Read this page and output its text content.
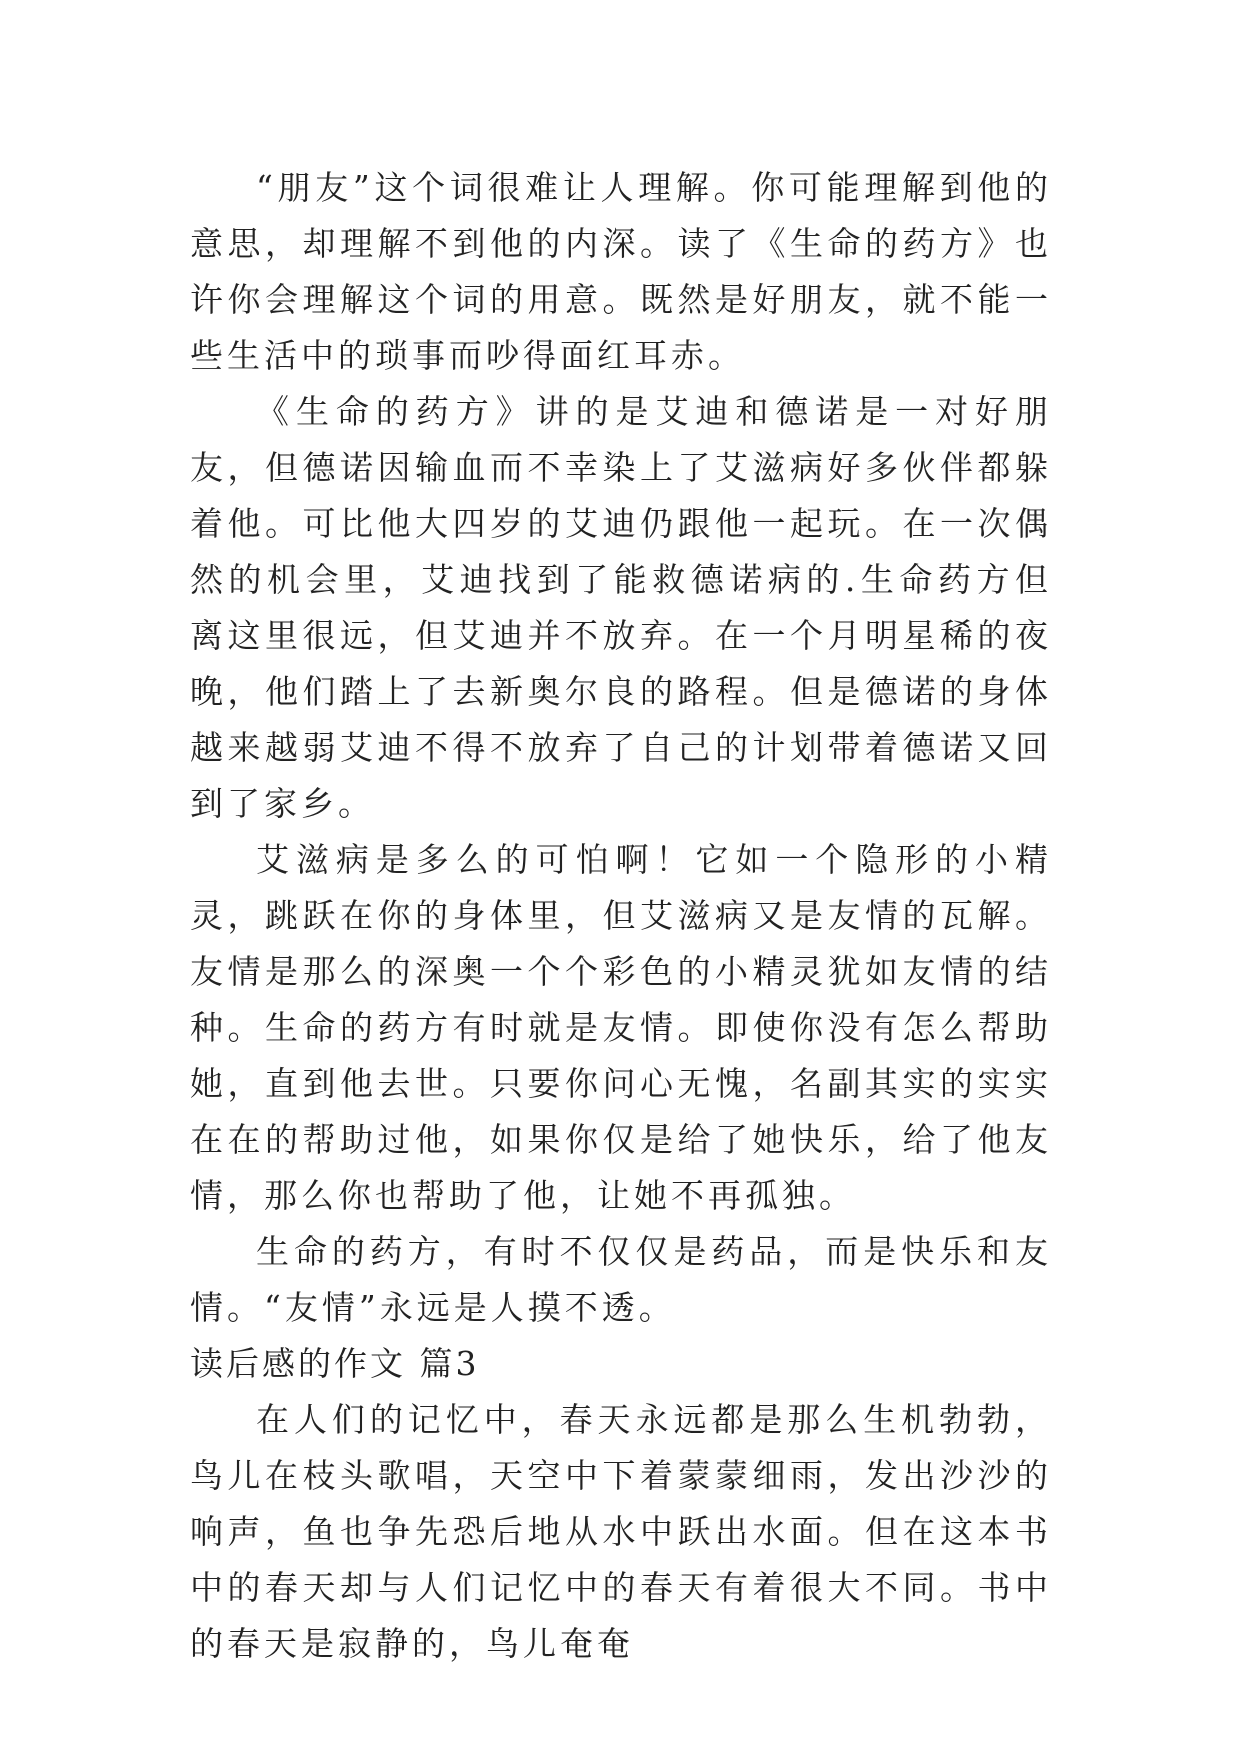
“朋友”这个词很难让人理解。你可能理解到他的意思，却理解不到他的内深。读了《生命的药方》也许你会理解这个词的用意。既然是好朋友，就不能一些生活中的琐事而吵得面红耳赤。

《生命的药方》讲的是艾迪和德诺是一对好朋友，但德诺因输血而不幸染上了艾滋病好多伙伴都躲着他。可比他大四岁的艾迪仍跟他一起玩。在一次偶然的机会里，艾迪找到了能救德诺病的.生命药方但离这里很远，但艾迪并不放弃。在一个月明星稀的夜晚，他们踏上了去新奥尔良的路程。但是德诺的身体越来越弱艾迪不得不放弃了自己的计划带着德诺又回到了家乡。

艾滋病是多么的可怕啊！它如一个隐形的小精灵，跳跃在你的身体里，但艾滋病又是友情的瓦解。友情是那么的深奥一个个彩色的小精灵犹如友情的结种。生命的药方有时就是友情。即使你没有怎么帮助她，直到他去世。只要你问心无愧，名副其实的实实在在的帮助过他，如果你仅是给了她快乐，给了他友情，那么你也帮助了他，让她不再孤独。

生命的药方，有时不仅仅是药品，而是快乐和友情。“友情”永远是人摸不透。

读后感的作文 篇3

在人们的记忆中，春天永远都是那么生机勃勃，鸟儿在枝头歌唱，天空中下着蒙蒙细雨，发出沙沙的响声，鱼也争先恐后地从水中跃出水面。但在这本书中的春天却与人们记忆中的春天有着很大不同。书中的春天是寂静的，鸟儿奄奄
